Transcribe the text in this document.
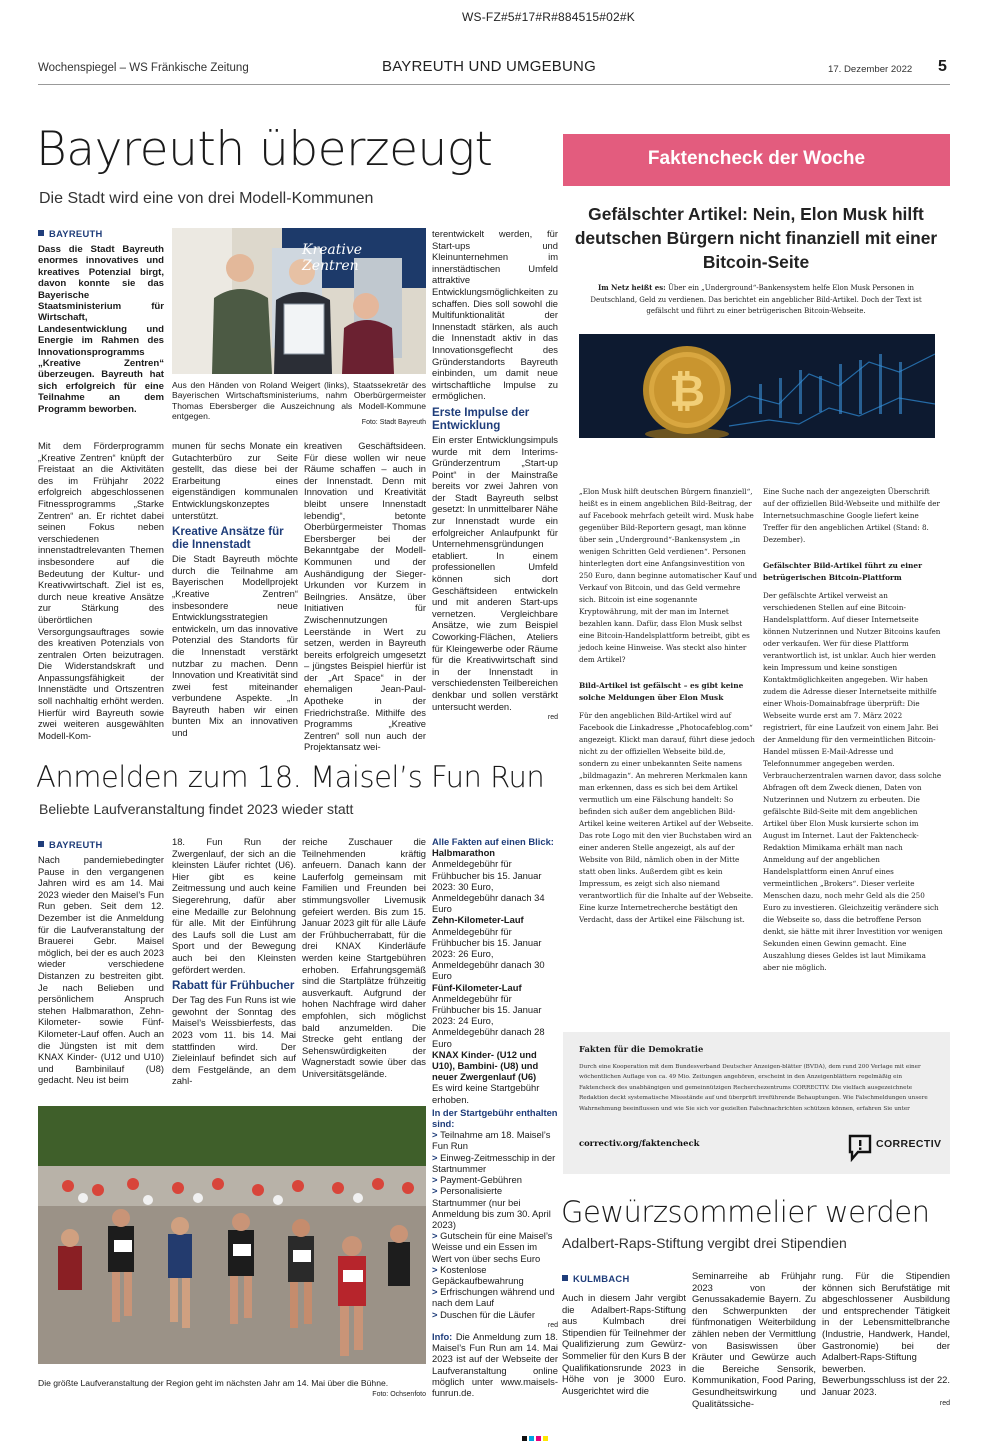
WS-FZ#5#17#R#884515#02#K
Wochenspiegel – WS Fränkische Zeitung	BAYREUTH UND UMGEBUNG	17. Dezember 2022 5
Bayreuth überzeugt
Die Stadt wird eine von drei Modell-Kommunen
BAYREUTH
Dass die Stadt Bayreuth enormes innovatives und kreatives Potenzial birgt, davon konnte sie das Bayerische Staatsministerium für Wirtschaft, Landesentwicklung und Energie im Rahmen des Innovationsprogramms „Kreative Zentren“ überzeugen. Bayreuth hat sich erfolgreich für eine Teilnahme an dem Programm beworben.
Kreative Zentren
Aus den Händen von Roland Weigert (links), Staatssekretär des Bayerischen Wirtschaftsministeriums, nahm Oberbürgermeister Thomas Ebersberger die Auszeichnung als Modell-Kommune entgegen.
Foto: Stadt Bayreuth

terentwickelt werden, für Start-ups und Kleinunternehmen im innerstädtischen Umfeld attraktive Entwicklungsmöglichkeiten zu schaffen. Dies soll sowohl die Multifunktionalität der Innenstadt stärken, als auch die Innenstadt aktiv in das Innovationsgeflecht des Gründerstandorts Bayreuth einbinden, um damit neue wirtschaftliche Impulse zu ermöglichen.

Erste Impulse der Entwicklung

Ein erster Entwicklungsimpuls wurde mit dem Interims-Gründerzentrum „Start-up Point“ in der Mainstraße bereits vor zwei Jahren von der Stadt Bayreuth selbst gesetzt: In unmittelbarer Nähe zur Innenstadt wurde ein erfolgreicher Anlaufpunkt für Unternehmensgründungen etabliert. In einem professionellen Umfeld können sich dort Geschäftsideen entwickeln und mit anderen Start-ups vernetzen. Vergleichbare Ansätze, wie zum Beispiel Coworking-Flächen, Ateliers für Kleingewerbe oder Räume für die Kreativwirtschaft sind in der Innenstadt in verschiedensten Teilbereichen denkbar und sollen verstärkt untersucht werden.

red
Mit dem Förderprogramm „Kreative Zentren“ knüpft der Freistaat an die Aktivitäten des im Frühjahr 2022 erfolgreich abgeschlossenen Fitnessprogramms „Starke Zentren“ an. Er richtet dabei seinen Fokus neben verschiedenen innenstadtrelevanten Themen insbesondere auf die Bedeutung der Kultur- und Kreativwirtschaft. Ziel ist es, durch neue kreative Ansätze zur Stärkung des überörtlichen Versorgungsauftrages sowie des kreativen Potenzials von zentralen Orten beizutragen. Die Widerstandskraft und Anpassungsfähigkeit der Innenstädte und Ortszentren soll nachhaltig erhöht werden. Hierfür wird Bayreuth sowie zwei weiteren ausgewählten Modell-Kom-

munen für sechs Monate ein Gutachterbüro zur Seite gestellt, das diese bei der Erarbeitung eines eigenständigen kommunalen Entwicklungskonzeptes unterstützt.

Kreative Ansätze für die Innenstadt

Die Stadt Bayreuth möchte durch die Teilnahme am Bayerischen Modellprojekt „Kreative Zentren“ insbesondere neue Entwicklungsstrategien entwickeln, um das innovative Potenzial des Standorts für die Innenstadt verstärkt nutzbar zu machen. Denn Innovation und Kreativität sind zwei fest miteinander verbundene Aspekte. „In Bayreuth haben wir einen bunten Mix an innovativen und

kreativen Geschäftsideen. Für diese wollen wir neue Räume schaffen – auch in der Innenstadt. Denn mit Innovation und Kreativität bleibt unsere Innenstadt lebendig“, betonte Oberbürgermeister Thomas Ebersberger bei der Bekanntgabe der Modell-Kommunen und der Aushändigung der Sieger-Urkunden vor Kurzem in Beilngries. Ansätze, über Initiativen für Zwischennutzungen Leerstände in Wert zu setzen, werden in Bayreuth bereits erfolgreich umgesetzt – jüngstes Beispiel hierfür ist der „Art Space“ in der ehemaligen Jean-Paul-Apotheke in der Friedrichstraße. Mithilfe des Programms „Kreative Zentren“ soll nun auch der Projektansatz wei-
Anmelden zum 18. Maisel’s Fun Run
Beliebte Laufveranstaltung findet 2023 wieder statt
BAYREUTH
Nach pandemiebedingter Pause in den vergangenen Jahren wird es am 14. Mai 2023 wieder den Maisel’s Fun Run geben. Seit dem 12. Dezember ist die Anmeldung für die Laufveranstaltung der Brauerei Gebr. Maisel möglich, bei der es auch 2023 wieder verschiedene Distanzen zu bestreiten gibt. Je nach Belieben und persönlichem Anspruch stehen Halbmarathon, Zehn-Kilometer- sowie Fünf-Kilometer-Lauf offen. Auch an die Jüngsten ist mit dem KNAX Kinder- (U12 und U10) und Bambinilauf (U8) gedacht. Neu ist beim

18. Fun Run der Zwergenlauf, der sich an die kleinsten Läufer richtet (U6). Hier gibt es keine Zeitmessung und auch keine Siegerehrung, dafür aber eine Medaille zur Belohnung für alle. Mit der Einführung des Laufs soll die Lust am Sport und der Bewegung auch bei den Kleinsten gefördert werden.

Rabatt für Frühbucher

Der Tag des Fun Runs ist wie gewohnt der Sonntag des Maisel’s Weissbierfests, das 2023 vom 11. bis 14. Mai stattfinden wird. Der Zieleinlauf befindet sich auf dem Festgelände, an dem zahl-

reiche Zuschauer die Teilnehmenden kräftig anfeuern. Danach kann der Lauferfolg gemeinsam mit Familien und Freunden bei stimmungsvoller Livemusik gefeiert werden. Bis zum 15. Januar 2023 gilt für alle Läufe der Frühbucherrabatt, für die drei KNAX Kinderläufe werden keine Startgebühren erhoben. Erfahrungsgemäß sind die Startplätze frühzeitig ausverkauft. Aufgrund der hohen Nachfrage wird daher empfohlen, sich möglichst bald anzumelden. Die Strecke geht entlang der Sehenswürdigkeiten der Wagnerstadt sowie über das Universitätsgelände.
Alle Fakten auf einen Blick:
Halbmarathon
Anmeldegebühr für Frühbucher bis 15. Januar 2023: 30 Euro, Anmeldegebühr danach 34 Euro
Zehn-Kilometer-Lauf
Anmeldegebühr für Frühbucher bis 15. Januar 2023: 26 Euro, Anmeldegebühr danach 30 Euro
Fünf-Kilometer-Lauf
Anmeldegebühr für Frühbucher bis 15. Januar 2023: 24 Euro, Anmeldegebühr danach 28 Euro
KNAX Kinder- (U12 und U10), Bambini- (U8) und neuer Zwergenlauf (U6)
Es wird keine Startgebühr erhoben.
In der Startgebühr enthalten sind:
> Teilnahme am 18. Maisel’s Fun Run
> Einweg-Zeitmesschip in der Startnummer
> Payment-Gebühren
> Personalisierte Startnummer (nur bei Anmeldung bis zum 30. April 2023)
> Gutschein für eine Maisel’s Weisse und ein Essen im Wert von über sechs Euro
> Kostenlose Gepäckaufbewahrung
> Erfrischungen während und nach dem Lauf
> Duschen für die Läufer
red
Info: Die Anmeldung zum 18. Maisel’s Fun Run am 14. Mai 2023 ist auf der Webseite der Laufveranstaltung online möglich unter www.maisels-funrun.de.
Die größte Laufveranstaltung der Region geht im nächsten Jahr am 14. Mai über die Bühne.
Foto: Ochsenfoto
Faktencheck der Woche
Gefälschter Artikel: Nein, Elon Musk hilft deutschen Bürgern nicht finanziell mit einer Bitcoin-Seite
Im Netz heißt es: Über ein „Underground“-Bankensystem helfe Elon Musk Personen in Deutschland, Geld zu verdienen. Das berichtet ein angeblicher Bild-Artikel. Doch der Text ist gefälscht und führt zu einer betrügerischen Bitcoin-Webseite.
₿

„Elon Musk hilft deutschen Bürgern finanziell“, heißt es in einem angeblichen Bild-Beitrag, der auf Facebook mehrfach geteilt wird. Musk habe gegenüber Bild-Reportern gesagt, man könne über sein „Underground“-Bankensystem „in wenigen Schritten Geld verdienen“. Personen hinterlegten dort eine Anfangsinvestition von 250 Euro, dann beginne automatischer Kauf und Verkauf von Bitcoin, und das Geld vermehre sich. Bitcoin ist eine sogenannte Kryptowährung, mit der man im Internet bezahlen kann. Dafür, dass Elon Musk selbst eine Bitcoin-Handelsplattform betreibt, gibt es jedoch keine Hinweise. Was steckt also hinter dem Artikel?

Bild-Artikel ist gefälscht – es gibt keine solche Meldungen über Elon Musk

Für den angeblichen Bild-Artikel wird auf Facebook die Linkadresse „Photocafeblog.com“ angezeigt. Klickt man darauf, führt diese jedoch nicht zu der offiziellen Webseite bild.de, sondern zu einer unbekannten Seite namens „bildmagazin“. An mehreren Merkmalen kann man erkennen, dass es sich bei dem Artikel vermutlich um eine Fälschung handelt: So befinden sich außer dem angeblichen Bild-Artikel keine weiteren Artikel auf der Webseite. Das rote Logo mit den vier Buchstaben wird an einer anderen Stelle angezeigt, als auf der Website von Bild, nämlich oben in der Mitte statt oben links. Außerdem gibt es kein Impressum, es zeigt sich also niemand verantwortlich für die Inhalte auf der Webseite. Eine kurze Internetrecherche bestätigt den Verdacht, dass der Artikel eine Fälschung ist.

Eine Suche nach der angezeigten Überschrift auf der offiziellen Bild-Webseite und mithilfe der Internetsuchmaschine Google liefert keine Treffer für den angeblichen Artikel (Stand: 8. Dezember).

Gefälschter Bild-Artikel führt zu einer betrügerischen Bitcoin-Plattform

Der gefälschte Artikel verweist an verschiedenen Stellen auf eine Bitcoin-Handelsplattform. Auf dieser Internetseite können Nutzerinnen und Nutzer Bitcoins kaufen oder verkaufen. Wer für diese Plattform verantwortlich ist, ist unklar. Auch hier werden kein Impressum und keine sonstigen Kontaktmöglichkeiten angegeben. Wir haben zudem die Adresse dieser Internetseite mithilfe einer Whois-Domainabfrage überprüft: Die Webseite wurde erst am 7. März 2022 registriert, für eine Laufzeit von einem Jahr. Bei der Anmeldung für den vermeintlichen Bitcoin-Handel müssen E-Mail-Adresse und Telefonnummer angegeben werden. Verbraucherzentralen warnen davor, dass solche Abfragen oft dem Zweck dienen, Daten von Nutzerinnen und Nutzern zu erbeuten. Die gefälschte Bild-Seite mit dem angeblichen Artikel über Elon Musk kursierte schon im August im Internet. Laut der Faktencheck-Redaktion Mimikama erhält man nach Anmeldung auf der angeblichen Handelsplattform einen Anruf eines vermeintlichen „Brokers“. Dieser verleite Menschen dazu, noch mehr Geld als die 250 Euro zu investieren. Gleichzeitig verändere sich die Webseite so, dass die betroffene Person denkt, sie hätte mit ihrer Investition vor wenigen Sekunden einen Gewinn gemacht. Eine Auszahlung dieses Geldes ist laut Mimikama aber nie möglich.

Fakten für die Demokratie
Durch eine Kooperation mit dem Bundesverband Deutscher Anzeigen-blätter (BVDA), dem rund 200 Verlage mit einer wöchentlichen Auflage von ca. 49 Mio. Zeitungen angehören, erscheint in den Anzeigenblättern regelmäßig ein Faktencheck des unabhängigen und gemeinnützigen Recherchezentrums CORRECTIV. Die vielfach ausgezeichnete Redaktion deckt systematische Missstände auf und überprüft irreführende Behauptungen. Wie Falschmeldungen unsere Wahrnehmung beeinflussen und wie Sie sich vor gezielten Falschnachrichten schützen können, erfahren Sie unter
correctiv.org/faktencheck	CORRECTIV
Gewürzsommelier werden
Adalbert-Raps-Stiftung vergibt drei Stipendien
KULMBACH
Auch in diesem Jahr vergibt die Adalbert-Raps-Stiftung aus Kulmbach drei Stipendien für Teilnehmer der Qualifizierung zum Gewürz-Sommelier für den Kurs B der Qualifikationsrunde 2023 in Höhe von je 3000 Euro. Ausgerichtet wird die
Seminarreihe ab Frühjahr 2023 von der Genussakademie Bayern. Zu den Schwerpunkten der fünfmonatigen Weiterbildung zählen neben der Vermittlung von Basiswissen über Kräuter und Gewürze auch die Bereiche Sensorik, Kommunikation, Food Paring, Gesundheitswirkung und Qualitätssiche-

rung. Für die Stipendien können sich Berufstätige mit abgeschlossener Ausbildung und entsprechender Tätigkeit in der Lebensmittelbranche (Industrie, Handwerk, Handel, Gastronomie) bei der Adalbert-Raps-Stiftung bewerben. Bewerbungsschluss ist der 22. Januar 2023.

red
